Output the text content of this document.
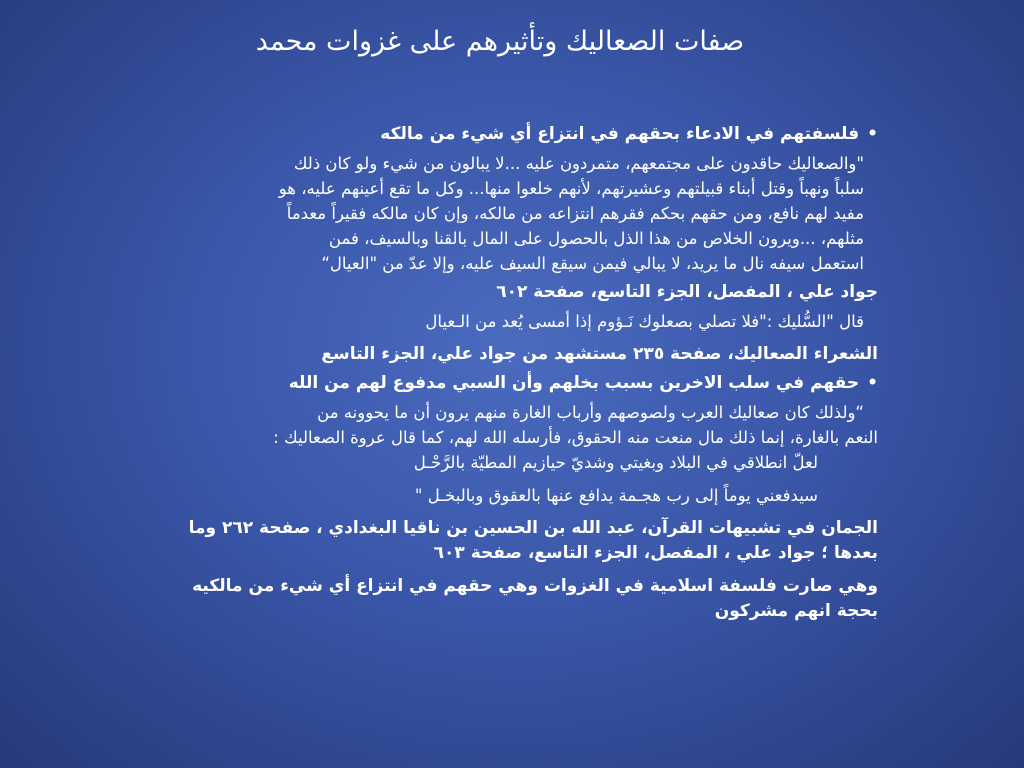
صفات الصعاليك وتأثيرهم على غزوات محمد
• فلسفتهم في الادعاء بحقهم في انتزاع أي شيء من مالكه
"والصعاليك حاقدون على مجتمعهم، متمردون عليه ...لا يبالون من شيء ولو كان ذلك
سلباً ونهباً وقتل أبناء قبيلتهم وعشيرتهم، لأنهم خلعوا منها... وكل ما تقع أعينهم عليه، هو
مفيد لهم نافع، ومن حقهم بحكم فقرهم انتزاعه من مالكه، وإن كان مالكه فقيراً معدماً
مثلهم، ...ويرون الخلاص من هذا الذل بالحصول على المال بالقنا وبالسيف، فمن
استعمل سيفه نال ما يريد، لا يبالي فيمن سيقع السيف عليه، وإلا عدّ من "العيال“
جواد علي ، المفصل، الجزء التاسع، صفحة ٦٠٢
قال "السُّليك :"فلا تصلي بصعلوك نَـؤوم إذا أمسى يُعد من الـعيال
الشعراء الصعاليك، صفحة ٢٣٥ مستشهد من جواد علي، الجزء التاسع
• حقهم في سلب الاخرين بسبب بخلهم وأن السبي مدفوع لهم من الله
“ولذلك كان صعاليك العرب ولصوصهم وأرباب الغارة منهم يرون أن ما يحوونه من
النعم بالغارة، إنما ذلك مال منعت منه الحقوق، فأرسله الله لهم، كما قال عروة الصعاليك :
لعلّ انطلاقي في البلاد وبغيتي وشديّ حيازيم المطيّة بالرَّحْـل
سيدفعني يوماً إلى رب هجـمة يدافع عنها بالعقوق وبالبخـل "
الجمان في تشبيهات القرآن، عبد الله بن الحسين بن ناقيا البغدادي ، صفحة ٢٦٢ وما
بعدها ؛ جواد علي ، المفصل، الجزء التاسع، صفحة ٦٠٣
وهي صارت فلسفة اسلامية في الغزوات وهي حقهم في انتزاع أي شيء من مالكيه
بحجة انهم مشركون
